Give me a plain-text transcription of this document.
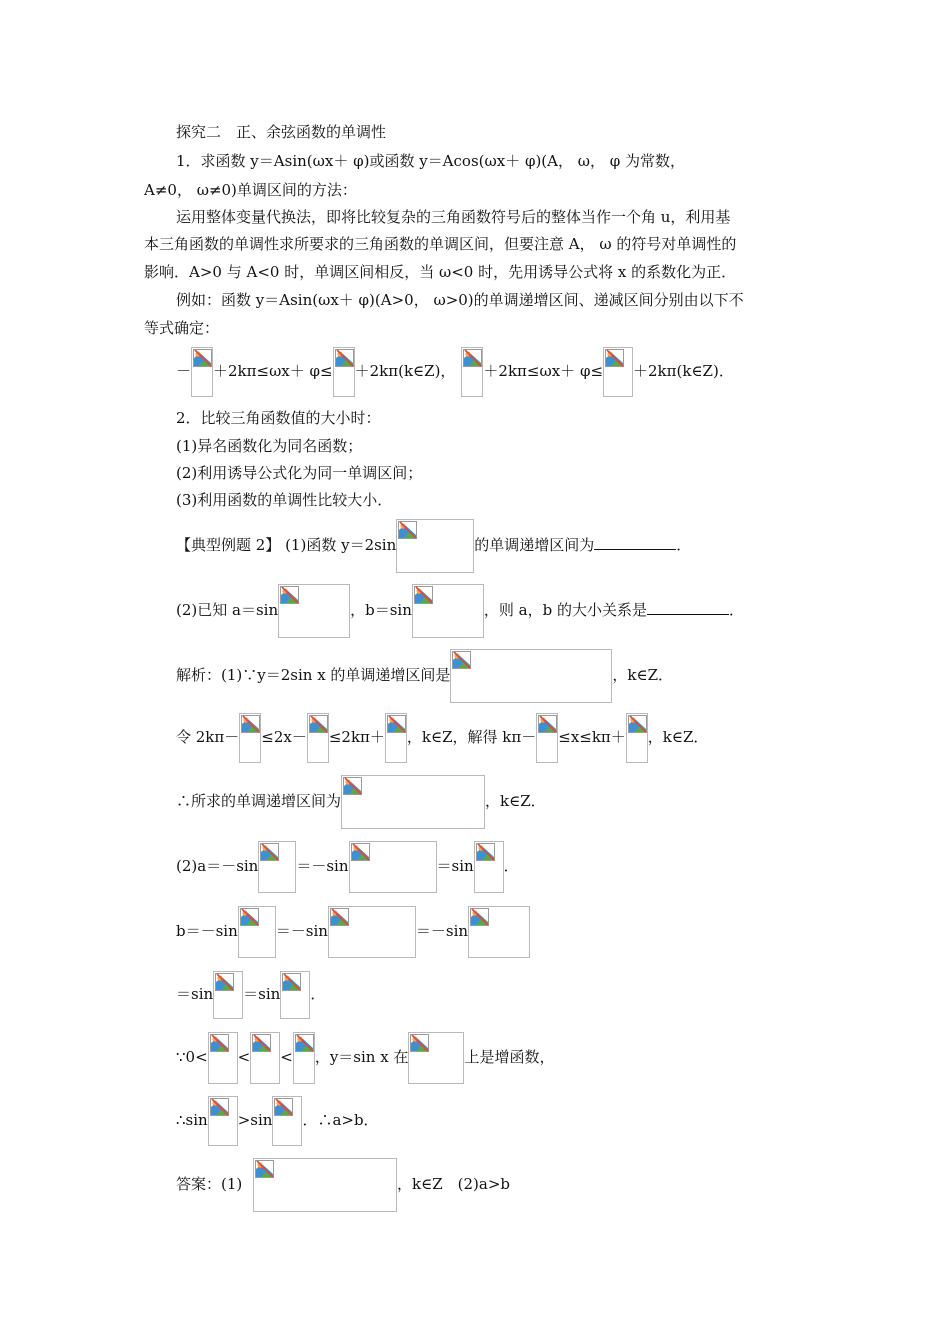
探究二　正、余弦函数的单调性
1．求函数 y＝Asin(ωx＋ φ)或函数 y＝Acos(ωx＋ φ)(A， ω， φ 为常数，
A≠0， ω≠0)单调区间的方法：
运用整体变量代换法，即将比较复杂的三角函数符号后的整体当作一个角 u，利用基
本三角函数的单调性求所要求的三角函数的单调区间，但要注意 A， ω 的符号对单调性的
影响．A>0 与 A<0 时，单调区间相反，当 ω<0 时，先用诱导公式将 x 的系数化为正．
例如：函数 y＝Asin(ωx＋ φ)(A>0， ω>0)的单调递增区间、递减区间分别由以下不
等式确定：
－ ＋2kπ≤ωx＋ φ≤ ＋2kπ(k∈Z)， ＋2kπ≤ωx＋ φ≤ ＋2kπ(k∈Z)．
2．比较三角函数值的大小时：
(1)异名函数化为同名函数；
(2)利用诱导公式化为同一单调区间；
(3)利用函数的单调性比较大小．
【典型例题 2】 (1)函数 y＝2sin	的单调递增区间为	．
(2)已知 a＝sin	，b＝sin	，则 a，b 的大小关系是	．
解析：(1)∵y＝2sin x 的单调递增区间是	，k∈Z．
令 2kπ－ ≤2x－ ≤2kπ＋ ，k∈Z，解得 kπ－ ≤x≤kπ＋ ，k∈Z．
∴所求的单调递增区间为	，k∈Z．
(2)a＝－sin	＝－sin	＝sin ．
b＝－sin	＝－sin	＝－sin
＝sin ＝sin ．
∵0< < < ，y＝sin x 在	上是增函数，
∴sin >sin ．∴a>b．
答案：(1)	，k∈Z　(2)a>b
